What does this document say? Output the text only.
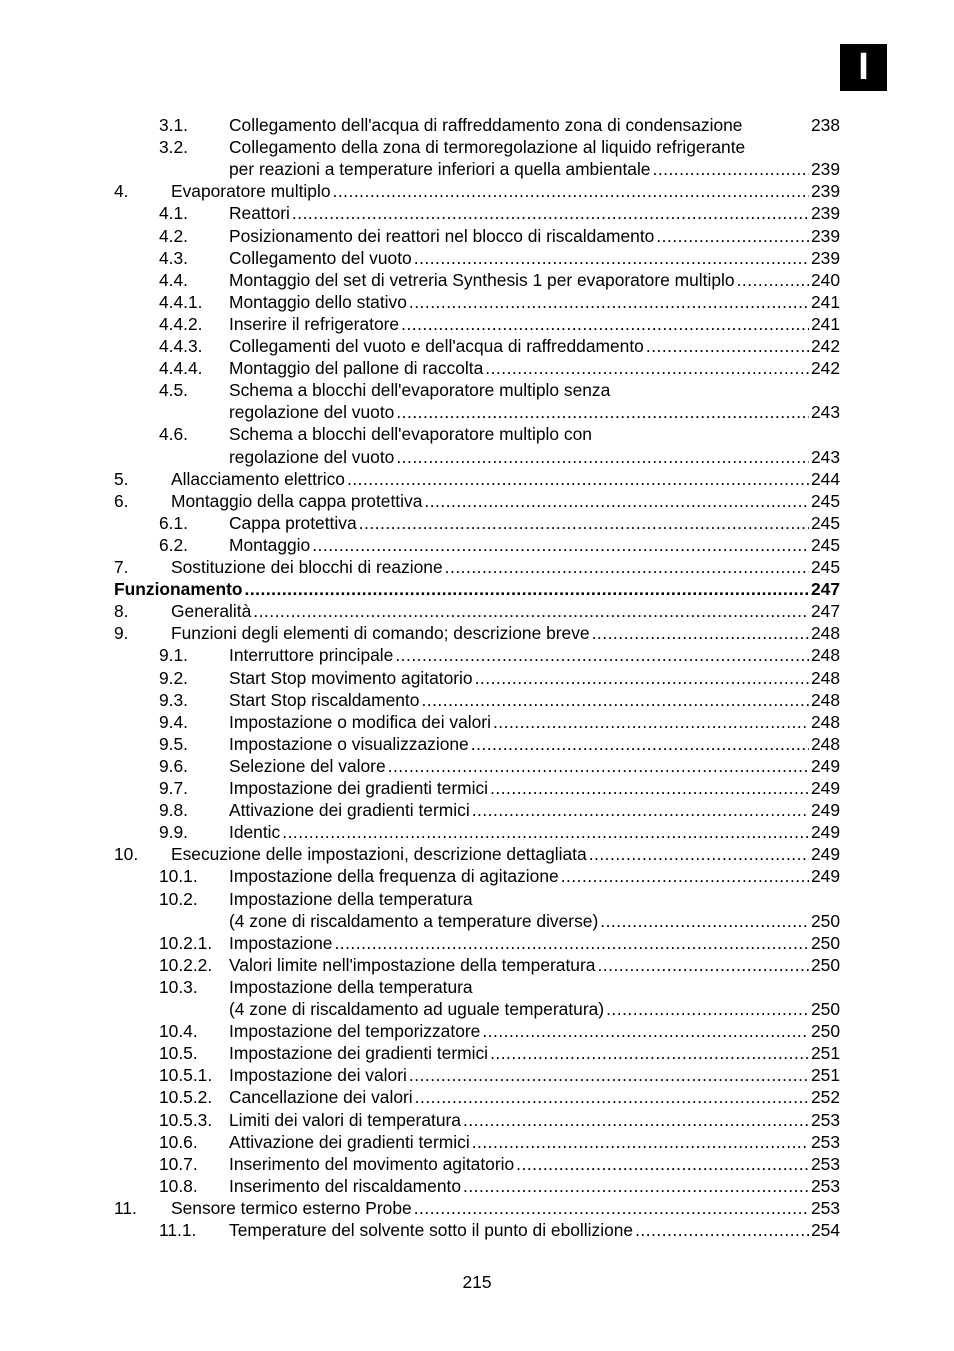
I
3.1. Collegamento dell'acqua di raffreddamento zona di condensazione	238
3.2. Collegamento della zona di termoregolazione al liquido refrigerante
per reazioni a temperature inferiori a quella ambientale .....	239
4. Evaporatore multiplo .....	239
4.1. Reattori .....	239
4.2. Posizionamento dei reattori nel blocco di riscaldamento .....	239
4.3. Collegamento del vuoto .....	239
4.4. Montaggio del set di vetreria Synthesis 1 per evaporatore multiplo .....	240
4.4.1. Montaggio dello stativo .....	241
4.4.2. Inserire il refrigeratore .....	241
4.4.3. Collegamenti del vuoto e dell'acqua di raffreddamento .....	242
4.4.4. Montaggio del pallone di raccolta .....	242
4.5. Schema a blocchi dell'evaporatore multiplo senza
regolazione del vuoto .....	243
4.6. Schema a blocchi dell'evaporatore multiplo con
regolazione del vuoto .....	243
5. Allacciamento elettrico .....	244
6. Montaggio della cappa protettiva .....	245
6.1. Cappa protettiva .....	245
6.2. Montaggio .....	245
7. Sostituzione dei blocchi di reazione .....	245
Funzionamento .....	247
8. Generalità .....	247
9. Funzioni degli elementi di comando; descrizione breve .....	248
9.1. Interruttore principale .....	248
9.2. Start Stop movimento agitatorio .....	248
9.3. Start Stop riscaldamento .....	248
9.4. Impostazione o modifica dei valori .....	248
9.5. Impostazione o visualizzazione .....	248
9.6. Selezione del valore .....	249
9.7. Impostazione dei gradienti termici .....	249
9.8. Attivazione dei gradienti termici .....	249
9.9. Identic .....	249
10. Esecuzione delle impostazioni, descrizione dettagliata .....	249
10.1. Impostazione della frequenza di agitazione .....	249
10.2. Impostazione della temperatura
(4 zone di riscaldamento a temperature diverse) .....	250
10.2.1. Impostazione .....	250
10.2.2. Valori limite nell'impostazione della temperatura .....	250
10.3. Impostazione della temperatura
(4 zone di riscaldamento ad uguale temperatura) .....	250
10.4. Impostazione del temporizzatore .....	250
10.5. Impostazione dei gradienti termici .....	251
10.5.1. Impostazione dei valori .....	251
10.5.2. Cancellazione dei valori .....	252
10.5.3. Limiti dei valori di temperatura .....	253
10.6. Attivazione dei gradienti termici .....	253
10.7. Inserimento del movimento agitatorio .....	253
10.8. Inserimento del riscaldamento .....	253
11. Sensore termico esterno Probe .....	253
11.1. Temperature del solvente sotto il punto di ebollizione .....	254
215
